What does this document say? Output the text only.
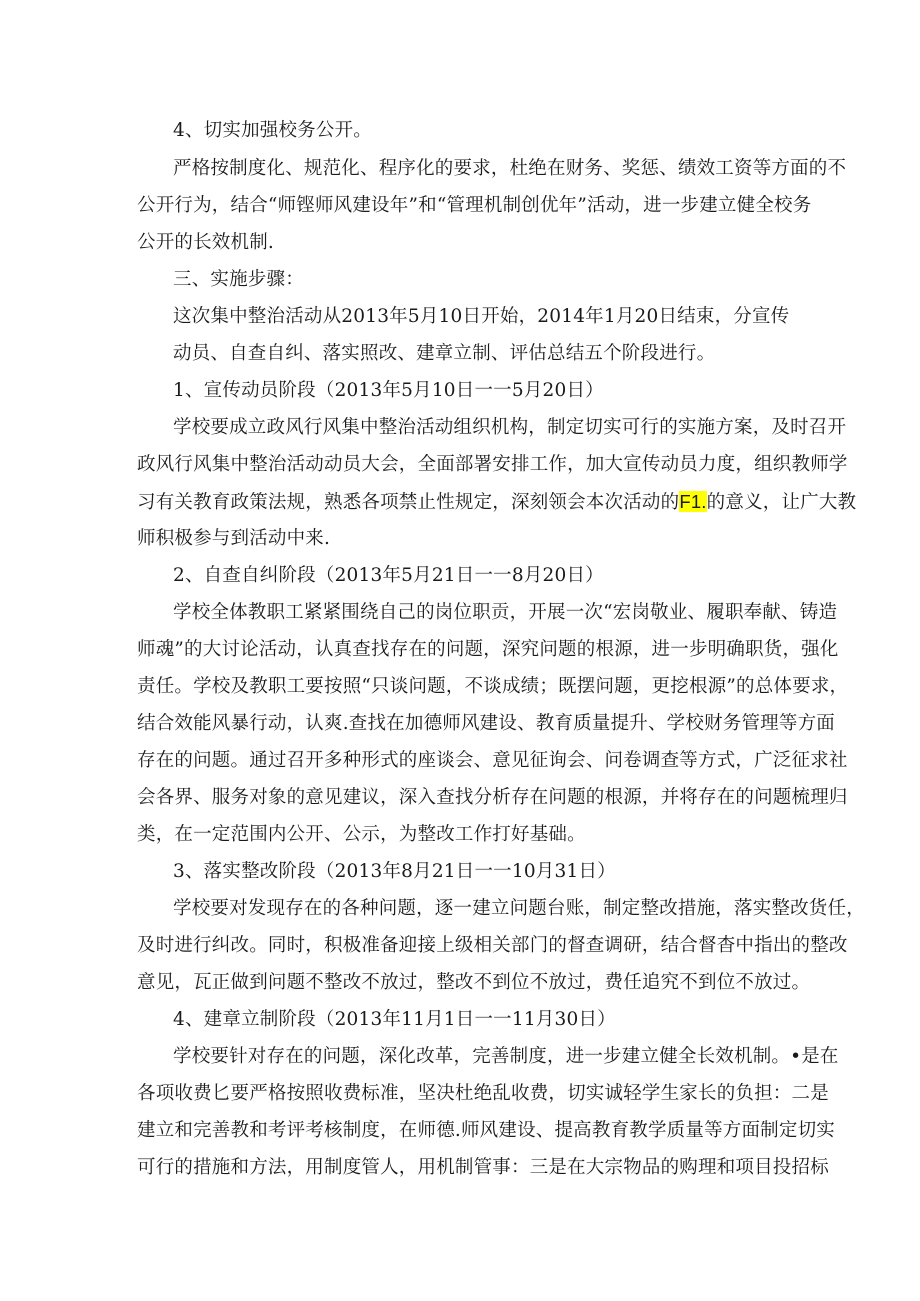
4、切实加强校务公开。
严格按制度化、规范化、程序化的要求，杜绝在财务、奖惩、绩效工资等方面的不
公开行为，结合“师铿师风建设年”和“管理机制创优年”活动，进一步建立健全校务
公开的长效机制.
三、实施步骤：
这次集中整治活动从2013年5月10日开始，2014年1月20日结束，分宣传
动员、自查自纠、落实照改、建章立制、评估总结五个阶段进行。
1、宣传动员阶段（2013年5月10日一一5月20日）
学校要成立政风行风集中整治活动组织机构，制定切实可行的实施方案，及时召开
政风行风集中整治活动动员大会，全面部署安排工作，加大宣传动员力度，组织教师学
习有关教育政策法规，熟悉各项禁止性规定，深刻领会本次活动的F1.的意义，让广大教
师积极参与到活动中来.
2、自查自纠阶段（2013年5月21日一一8月20日）
学校全体教职工紧紧围绕自己的岗位职贡，开展一次“宏岗敬业、履职奉献、铸造
师魂”的大讨论活动，认真查找存在的问题，深究问题的根源，进一步明确职货，强化
责任。学校及教职工要按照“只谈问题，不谈成绩；既摆问题，更挖根源”的总体要求，
结合效能风暴行动，认爽.查找在加德师风建设、教育质量提升、学校财务管理等方面
存在的问题。通过召开多种形式的座谈会、意见征询会、问卷调查等方式，广泛征求社
会各界、服务对象的意见建议，深入查找分析存在问题的根源，并将存在的问题梳理归
类，在一定范围内公开、公示，为整改工作打好基础。
3、落实整改阶段（2013年8月21日一一10月31日）
学校要对发现存在的各种问题，逐一建立问题台账，制定整改措施，落实整改货任，
及时进行纠改。同时，积极准备迎接上级相关部门的督查调研，结合督杳中指出的整改
意见，瓦正做到问题不整改不放过，整改不到位不放过，费任追究不到位不放过。
4、建章立制阶段（2013年11月1日一一11月30日）
学校要针对存在的问题，深化改革，完善制度，进一步建立健全长效机制。•是在
各项收费匕要严格按照收费标准，坚决杜绝乱收费，切实诚轻学生家长的负担：二是
建立和完善教和考评考核制度，在师德.师风建设、提高教育教学质量等方面制定切实
可行的措施和方法，用制度管人，用机制管事：三是在大宗物品的购理和项目投招标
